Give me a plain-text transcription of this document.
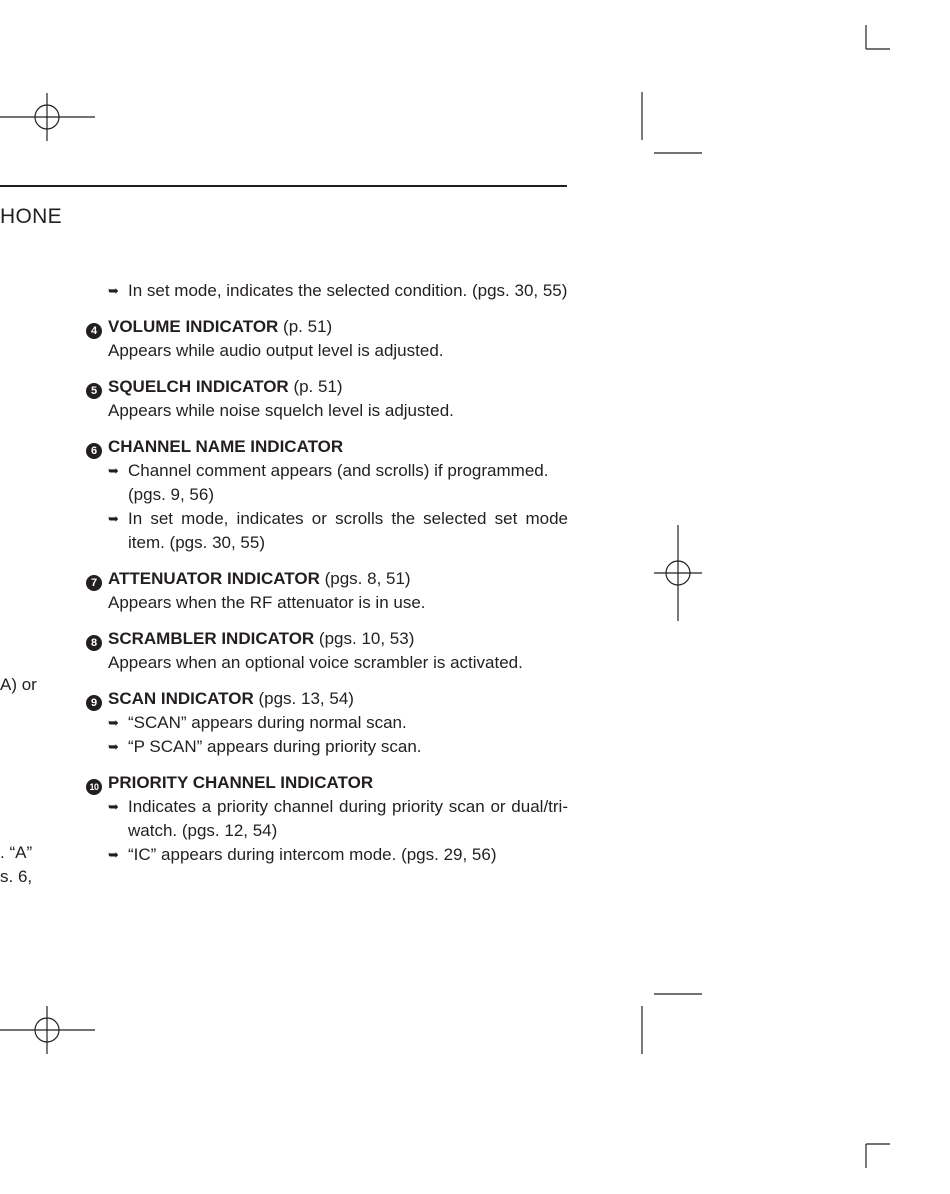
HONE
A) or
. “A”
s. 6,
➥ In set mode, indicates the selected condition. (pgs. 30, 55)
4 VOLUME INDICATOR (p. 51)
Appears while audio output level is adjusted.
5 SQUELCH INDICATOR (p. 51)
Appears while noise squelch level is adjusted.
6 CHANNEL NAME INDICATOR
➥ Channel comment appears (and scrolls) if programmed. (pgs. 9, 56)
➥ In set mode, indicates or scrolls the selected set mode item. (pgs. 30, 55)
7 ATTENUATOR INDICATOR (pgs. 8, 51)
Appears when the RF attenuator is in use.
8 SCRAMBLER INDICATOR (pgs. 10, 53)
Appears when an optional voice scrambler is activated.
9 SCAN INDICATOR (pgs. 13, 54)
➥ “SCAN” appears during normal scan.
➥ “P SCAN” appears during priority scan.
10 PRIORITY CHANNEL INDICATOR
➥ Indicates a priority channel during priority scan or dual/tri-watch. (pgs. 12, 54)
➥ “IC” appears during intercom mode. (pgs. 29, 56)
